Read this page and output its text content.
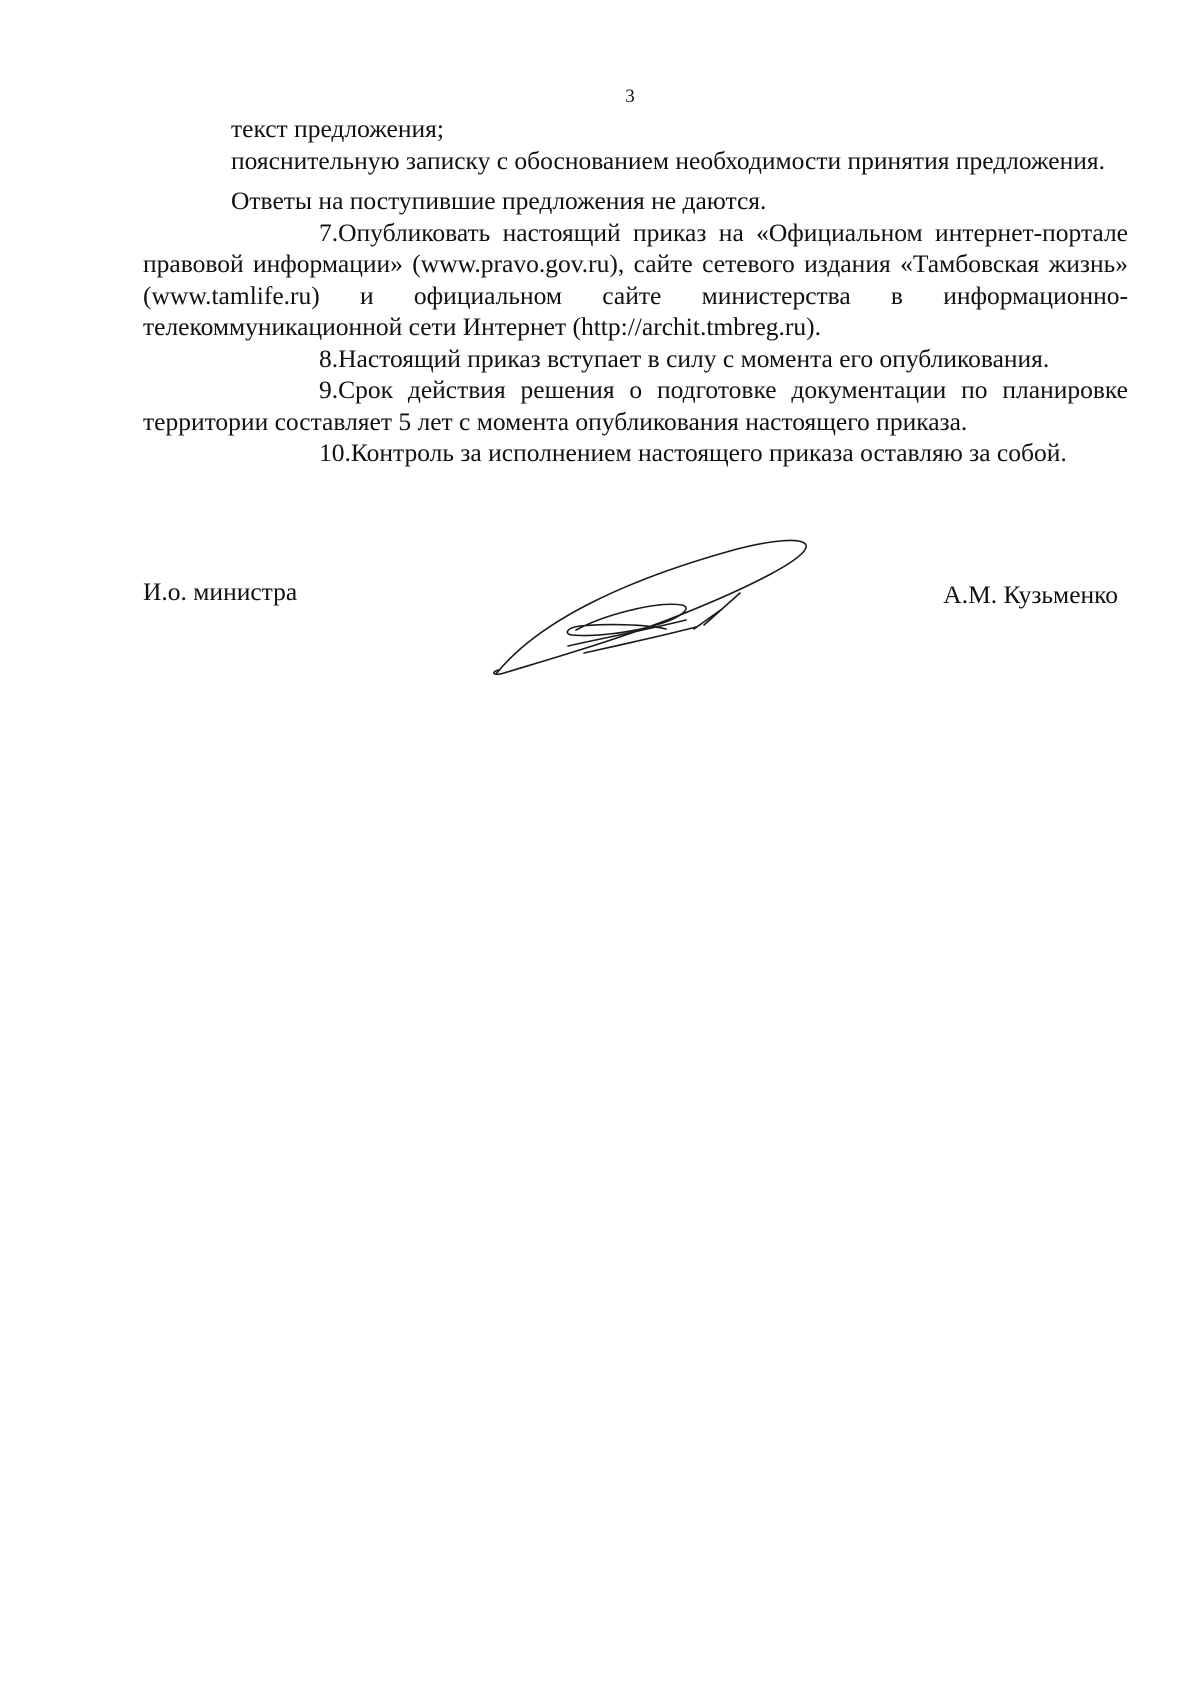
3

текст предложения;

пояснительную записку с обоснованием необходимости принятия предложения.

Ответы на поступившие предложения не даются.

7.Опубликовать настоящий приказ на «Официальном интернет-портале правовой информации» (www.pravo.gov.ru), сайте сетевого издания «Тамбовская жизнь» (www.tamlife.ru) и официальном сайте министерства в информационно-телекоммуникационной сети Интернет (http://archit.tmbreg.ru).

8.Настоящий приказ вступает в силу с момента его опубликования.

9.Срок действия решения о подготовке документации по планировке территории составляет 5 лет с момента опубликования настоящего приказа.

10.Контроль за исполнением настоящего приказа оставляю за собой.

И.о. министра	А.М. Кузьменко
